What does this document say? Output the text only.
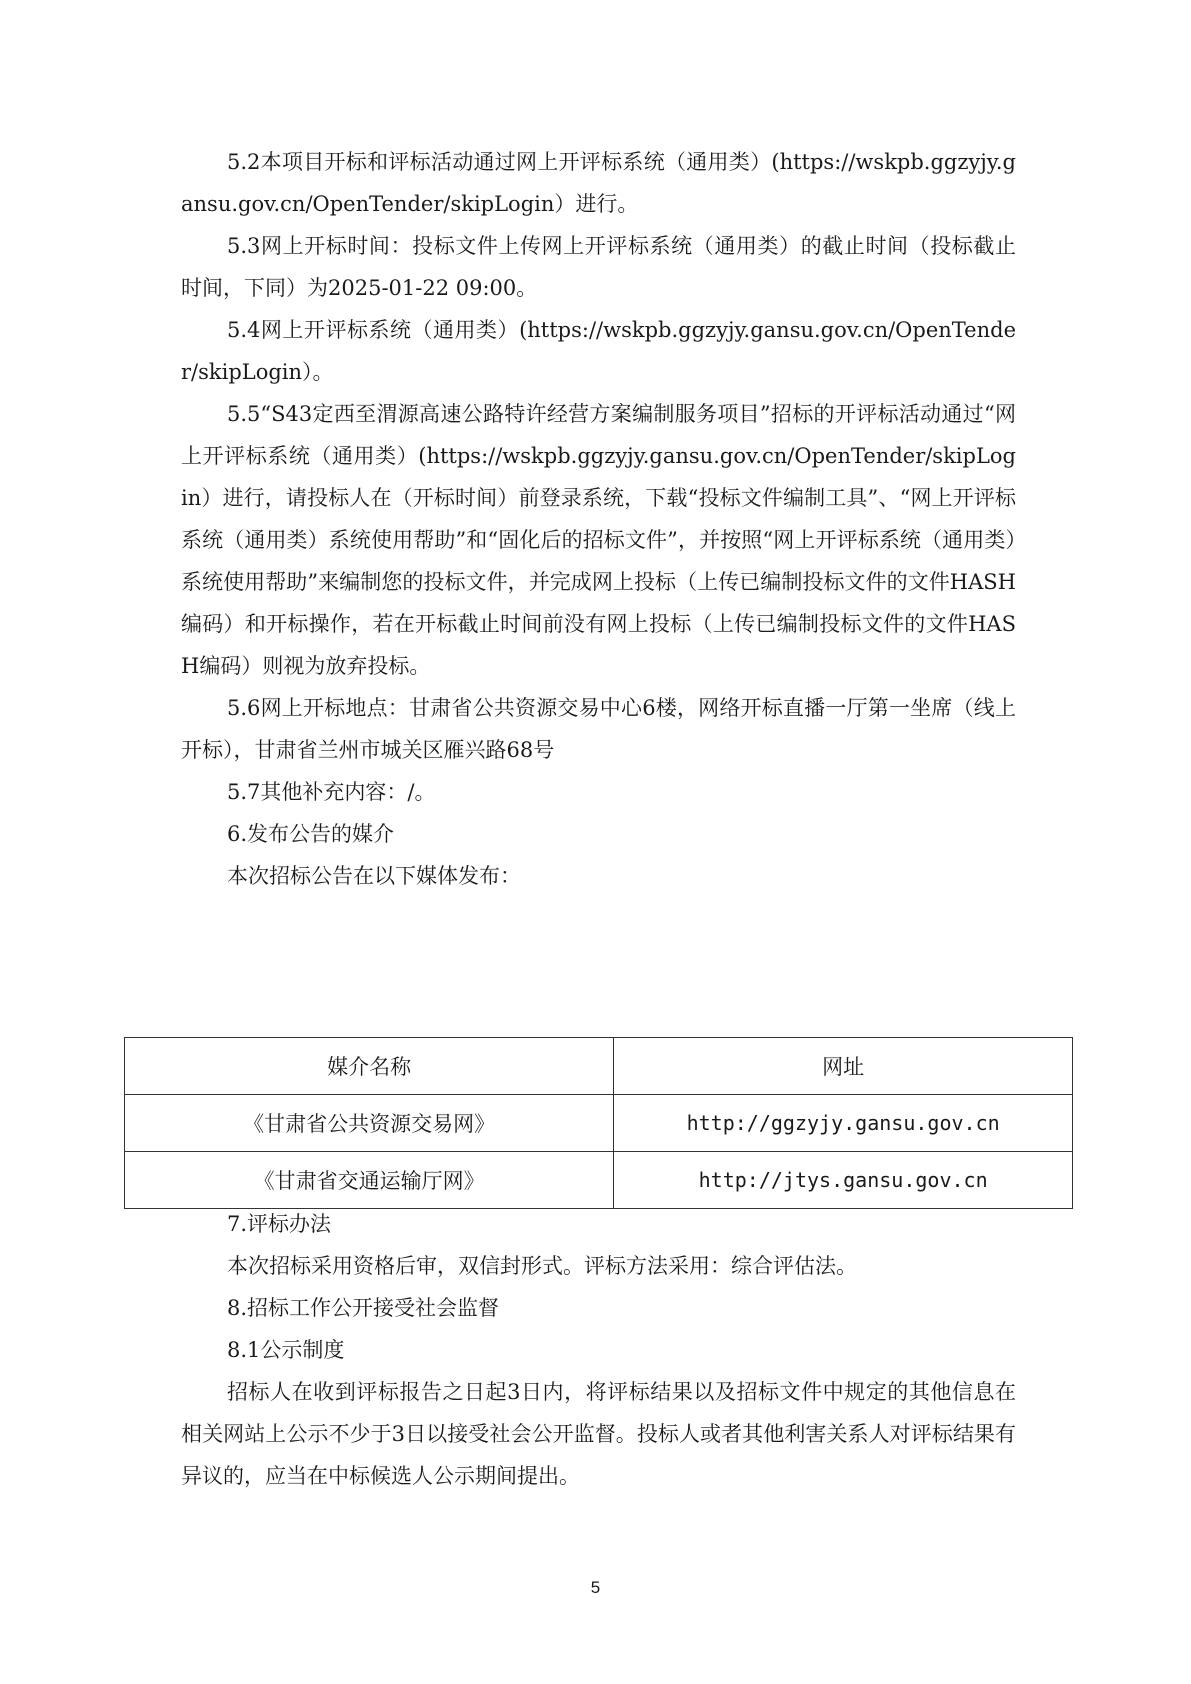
5.2本项目开标和评标活动通过网上开评标系统（通用类）(https://wskpb.ggzyjy.gansu.gov.cn/OpenTender/skipLogin）进行。

5.3网上开标时间：投标文件上传网上开评标系统（通用类）的截止时间（投标截止时间，下同）为2025-01-22 09:00。

5.4网上开评标系统（通用类）(https://wskpb.ggzyjy.gansu.gov.cn/OpenTender/skipLogin）。

5.5“S43定西至渭源高速公路特许经营方案编制服务项目”招标的开评标活动通过“网上开评标系统（通用类）(https://wskpb.ggzyjy.gansu.gov.cn/OpenTender/skipLogin）进行，请投标人在（开标时间）前登录系统，下载“投标文件编制工具”、“网上开评标系统（通用类）系统使用帮助”和“固化后的招标文件”，并按照“网上开评标系统（通用类）系统使用帮助”来编制您的投标文件，并完成网上投标（上传已编制投标文件的文件HASH编码）和开标操作，若在开标截止时间前没有网上投标（上传已编制投标文件的文件HASH编码）则视为放弃投标。

5.6网上开标地点：甘肃省公共资源交易中心6楼，网络开标直播一厅第一坐席（线上开标），甘肃省兰州市城关区雁兴路68号

5.7其他补充内容：/。

6.发布公告的媒介

本次招标公告在以下媒体发布：

媒介名称	网址
《甘肃省公共资源交易网》	http://ggzyjy.gansu.gov.cn
《甘肃省交通运输厅网》	http://jtys.gansu.gov.cn

7.评标办法

本次招标采用资格后审，双信封形式。评标方法采用：综合评估法。

8.招标工作公开接受社会监督

8.1公示制度

招标人在收到评标报告之日起3日内，将评标结果以及招标文件中规定的其他信息在相关网站上公示不少于3日以接受社会公开监督。投标人或者其他利害关系人对评标结果有异议的，应当在中标候选人公示期间提出。

5
